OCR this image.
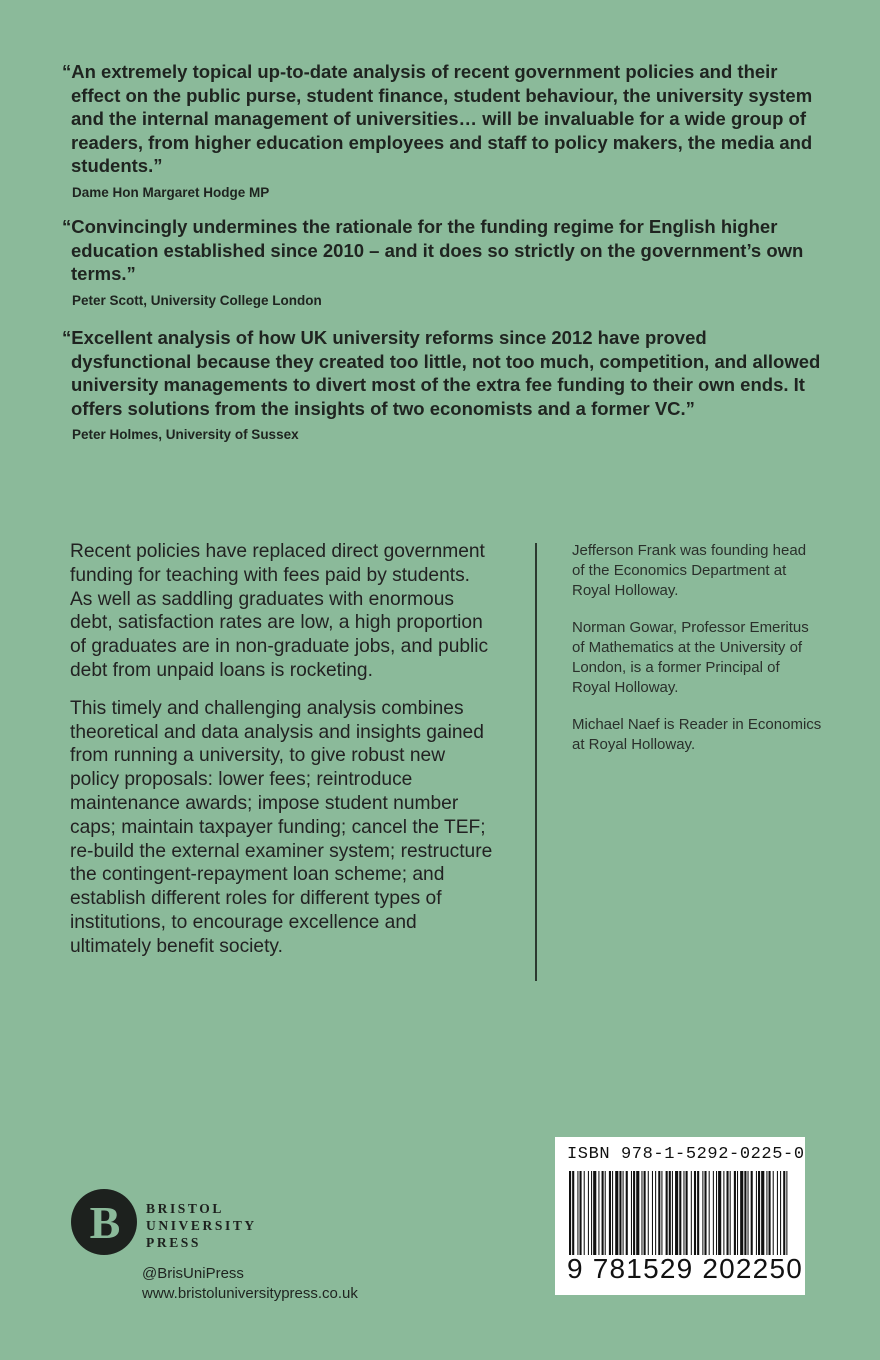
“An extremely topical up-to-date analysis of recent government policies and their effect on the public purse, student finance, student behaviour, the university system and the internal management of universities… will be invaluable for a wide group of readers, from higher education employees and staff to policy makers, the media and students.”

Dame Hon Margaret Hodge MP

“Convincingly undermines the rationale for the funding regime for English higher education established since 2010 – and it does so strictly on the government’s own terms.”

Peter Scott, University College London

“Excellent analysis of how UK university reforms since 2012 have proved dysfunctional because they created too little, not too much, competition, and allowed university managements to divert most of the extra fee funding to their own ends. It offers solutions from the insights of two economists and a former VC.”

Peter Holmes, University of Sussex

Recent policies have replaced direct government funding for teaching with fees paid by students. As well as saddling graduates with enormous debt, satisfaction rates are low, a high proportion of graduates are in non-graduate jobs, and public debt from unpaid loans is rocketing.

This timely and challenging analysis combines theoretical and data analysis and insights gained from running a university, to give robust new policy proposals: lower fees; reintroduce maintenance awards; impose student number caps; maintain taxpayer funding; cancel the TEF; re-build the external examiner system; restructure the contingent-repayment loan scheme; and establish different roles for different types of institutions, to encourage excellence and ultimately benefit society.

Jefferson Frank was founding head of the Economics Department at Royal Holloway.

Norman Gowar, Professor Emeritus of Mathematics at the University of London, is a former Principal of Royal Holloway.

Michael Naef is Reader in Economics at Royal Holloway.

B BRISTOL
UNIVERSITY
PRESS
@BrisUniPress
www.bristoluniversitypress.co.uk
ISBN 978-1-5292-0225-0
9 781529 202250
